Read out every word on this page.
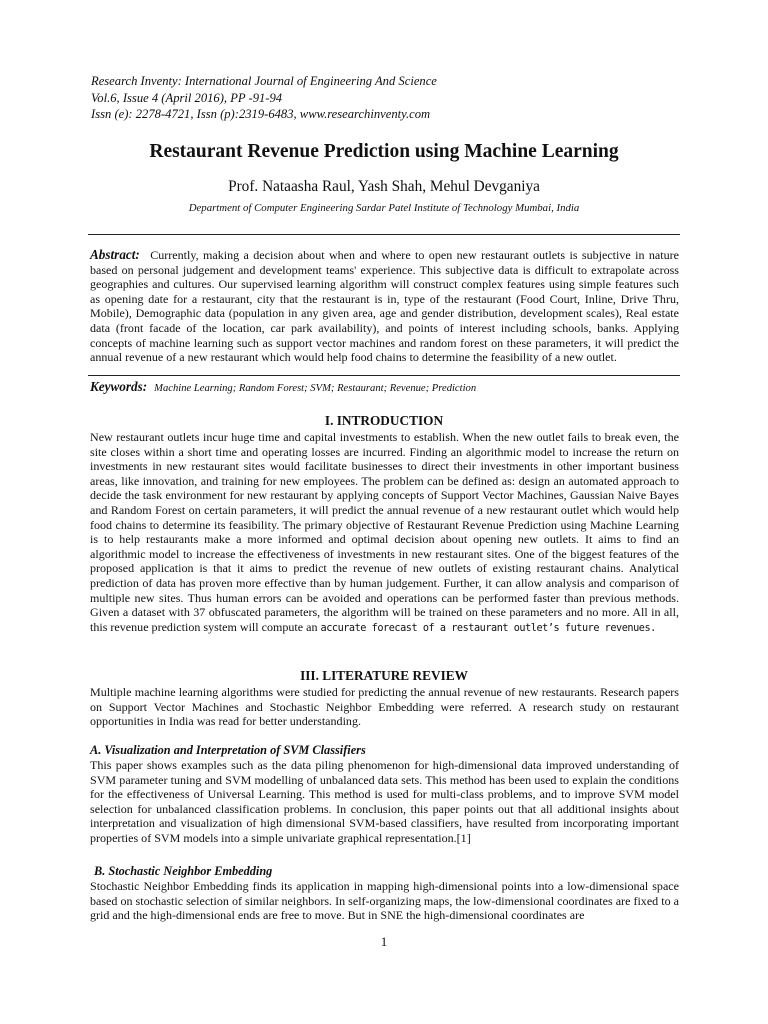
Research Inventy: International Journal of Engineering And Science
Vol.6, Issue 4 (April 2016), PP -91-94
Issn (e): 2278-4721, Issn (p):2319-6483, www.researchinventy.com
Restaurant Revenue Prediction using Machine Learning
Prof. Nataasha Raul, Yash Shah, Mehul Devganiya
Department of Computer Engineering Sardar Patel Institute of Technology Mumbai, India
Abstract: Currently, making a decision about when and where to open new restaurant outlets is subjective in nature based on personal judgement and development teams' experience. This subjective data is difficult to extrapolate across geographies and cultures. Our supervised learning algorithm will construct complex features using simple features such as opening date for a restaurant, city that the restaurant is in, type of the restaurant (Food Court, Inline, Drive Thru, Mobile), Demographic data (population in any given area, age and gender distribution, development scales), Real estate data (front facade of the location, car park availability), and points of interest including schools, banks. Applying concepts of machine learning such as support vector machines and random forest on these parameters, it will predict the annual revenue of a new restaurant which would help food chains to determine the feasibility of a new outlet.
Keywords: Machine Learning; Random Forest; SVM; Restaurant; Revenue; Prediction
I. INTRODUCTION
New restaurant outlets incur huge time and capital investments to establish. When the new outlet fails to break even, the site closes within a short time and operating losses are incurred. Finding an algorithmic model to increase the return on investments in new restaurant sites would facilitate businesses to direct their investments in other important business areas, like innovation, and training for new employees. The problem can be defined as: design an automated approach to decide the task environment for new restaurant by applying concepts of Support Vector Machines, Gaussian Naive Bayes and Random Forest on certain parameters, it will predict the annual revenue of a new restaurant outlet which would help food chains to determine its feasibility. The primary objective of Restaurant Revenue Prediction using Machine Learning is to help restaurants make a more informed and optimal decision about opening new outlets. It aims to find an algorithmic model to increase the effectiveness of investments in new restaurant sites. One of the biggest features of the proposed application is that it aims to predict the revenue of new outlets of existing restaurant chains. Analytical prediction of data has proven more effective than by human judgement. Further, it can allow analysis and comparison of multiple new sites. Thus human errors can be avoided and operations can be performed faster than previous methods. Given a dataset with 37 obfuscated parameters, the algorithm will be trained on these parameters and no more. All in all, this revenue prediction system will compute an accurate forecast of a restaurant outlet’s future revenues.
III. LITERATURE REVIEW
Multiple machine learning algorithms were studied for predicting the annual revenue of new restaurants. Research papers on Support Vector Machines and Stochastic Neighbor Embedding were referred. A research study on restaurant opportunities in India was read for better understanding.
A. Visualization and Interpretation of SVM Classifiers
This paper shows examples such as the data piling phenomenon for high-dimensional data improved understanding of SVM parameter tuning and SVM modelling of unbalanced data sets. This method has been used to explain the conditions for the effectiveness of Universal Learning. This method is used for multi-class problems, and to improve SVM model selection for unbalanced classification problems. In conclusion, this paper points out that all additional insights about interpretation and visualization of high dimensional SVM-based classifiers, have resulted from incorporating important properties of SVM models into a simple univariate graphical representation.[1]
B. Stochastic Neighbor Embedding
Stochastic Neighbor Embedding finds its application in mapping high-dimensional points into a low-dimensional space based on stochastic selection of similar neighbors. In self-organizing maps, the low-dimensional coordinates are fixed to a grid and the high-dimensional ends are free to move. But in SNE the high-dimensional coordinates are
1
